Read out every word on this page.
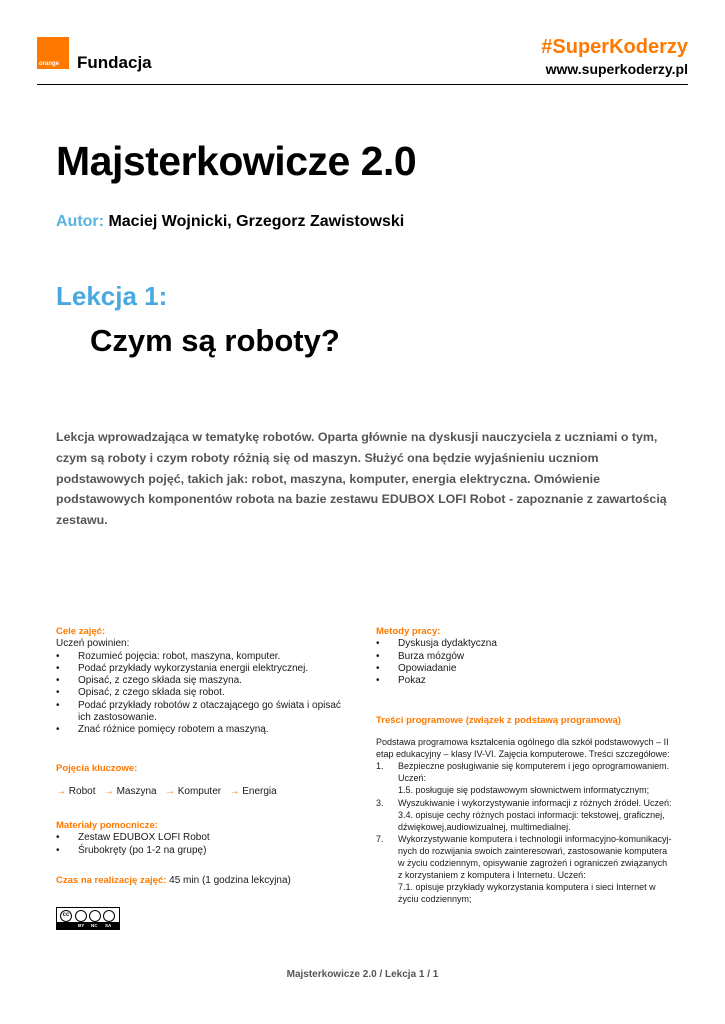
orange Fundacja
#SuperKoderzy
www.superkoderzy.pl
Majsterkowicze 2.0
Autor: Maciej Wojnicki, Grzegorz Zawistowski
Lekcja 1:
Czym są roboty?
Lekcja wprowadzająca w tematykę robotów. Oparta głównie na dyskusji nauczyciela z uczniami o tym, czym są roboty i czym roboty różnią się od maszyn. Służyć ona będzie wyjaśnieniu uczniom podstawowych pojęć, takich jak: robot, maszyna, komputer, energia elektryczna. Omówienie podstawowych komponentów robota na bazie zestawu EDUBOX LOFI Robot - zapoznanie z zawartością zestawu.
Cele zajęć:
Uczeń powinien:
• Rozumieć pojęcia: robot, maszyna, komputer.
• Podać przykłady wykorzystania energii elektrycznej.
• Opisać, z czego składa się maszyna.
• Opisać, z czego składa się robot.
• Podać przykłady robotów z otaczającego go świata i opisać ich zastosowanie.
• Znać różnice pomięcy robotem a maszyną.
Pojęcia kluczowe:
→ Robot → Maszyna → Komputer → Energia
Materiały pomocnicze:
• Zestaw EDUBOX LOFI Robot
• Śrubokręty (po 1-2 na grupę)
Czas na realizację zajęć: 45 min (1 godzina lekcyjna)
cc
BY NC SA
Metody pracy:
• Dyskusja dydaktyczna
• Burza mózgów
• Opowiadanie
• Pokaz
Treści programowe (związek z podstawą programową)
Podstawa programowa kształcenia ogólnego dla szkół podstawowych – II etap edukacyjny – klasy IV-VI. Zajęcia komputerowe. Treści szczegółowe:
1. Bezpieczne posługiwanie się komputerem i jego oprogramowaniem. Uczeń:
1.5. posługuje się podstawowym słownictwem informatycznym;
3. Wyszukiwanie i wykorzystywanie informacji z różnych źródeł. Uczeń:
3.4. opisuje cechy różnych postaci informacji: tekstowej, graficznej, dźwiękowej,audiowizualnej, multimedialnej.
7. Wykorzystywanie komputera i technologii informacyjno-komunikacyj-nych do rozwijania swoich zainteresowań, zastosowanie komputera w życiu codziennym, opisywanie zagrożeń i ograniczeń związanych z korzystaniem z komputera i Internetu. Uczeń:
7.1. opisuje przykłady wykorzystania komputera i sieci Internet w życiu codziennym;
Majsterkowicze 2.0 / Lekcja 1 / 1
